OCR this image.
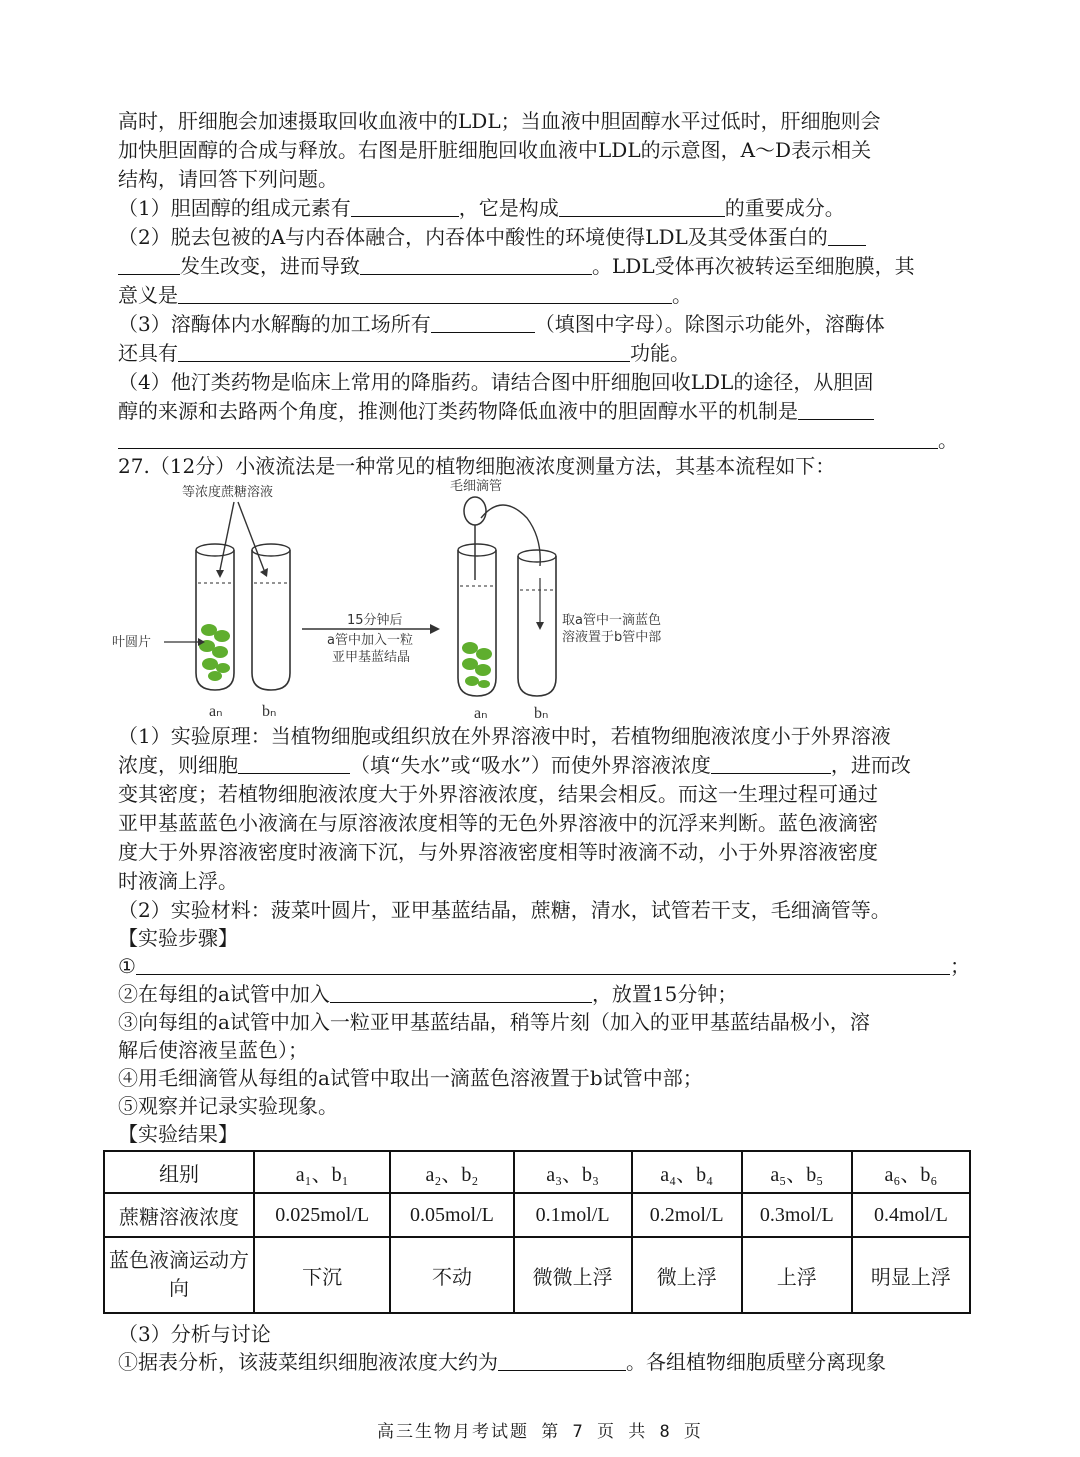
高时，肝细胞会加速摄取回收血液中的LDL；当血液中胆固醇水平过低时，肝细胞则会
加快胆固醇的合成与释放。右图是肝脏细胞回收血液中LDL的示意图，A～D表示相关
结构，请回答下列问题。
（1）胆固醇的组成元素有	，它是构成	的重要成分。
（2）脱去包被的A与内吞体融合，内吞体中酸性的环境使得LDL及其受体蛋白的
发生改变，进而导致	。LDL受体再次被转运至细胞膜，其
意义是	。
（3）溶酶体内水解酶的加工场所有	（填图中字母）。除图示功能外，溶酶体
还具有	功能。
（4）他汀类药物是临床上常用的降脂药。请结合图中肝细胞回收LDL的途径，从胆固
醇的来源和去路两个角度，推测他汀类药物降低血液中的胆固醇水平的机制是
。
27.（12分）小液流法是一种常见的植物细胞液浓度测量方法，其基本流程如下：
等浓度蔗糖溶液
叶圆片
15分钟后
a管中加入一粒
亚甲基蓝结晶
毛细滴管
取a管中一滴蓝色
溶液置于b管中部
aₙ bₙ	aₙ	bₙ
（1）实验原理：当植物细胞或组织放在外界溶液中时，若植物细胞液浓度小于外界溶液
浓度，则细胞	（填“失水”或“吸水”）而使外界溶液浓度	，进而改
变其密度；若植物细胞液浓度大于外界溶液浓度，结果会相反。而这一生理过程可通过
亚甲基蓝蓝色小液滴在与原溶液浓度相等的无色外界溶液中的沉浮来判断。蓝色液滴密
度大于外界溶液密度时液滴下沉，与外界溶液密度相等时液滴不动，小于外界溶液密度
时液滴上浮。
（2）实验材料：菠菜叶圆片，亚甲基蓝结晶，蔗糖，清水，试管若干支，毛细滴管等。
【实验步骤】
①	；
②在每组的a试管中加入	，放置15分钟；
③向每组的a试管中加入一粒亚甲基蓝结晶，稍等片刻（加入的亚甲基蓝结晶极小，溶
解后使溶液呈蓝色）；
④用毛细滴管从每组的a试管中取出一滴蓝色溶液置于b试管中部；
⑤观察并记录实验现象。
【实验结果】
组别	a₁、b₁	a₂、b₂	a₃、b₃	a₄、b₄	a₅、b₅	a₆、b₆
蔗糖溶液浓度	0.025mol/L	0.05mol/L	0.1mol/L	0.2mol/L	0.3mol/L	0.4mol/L
蓝色液滴运动方向	下沉	不动	微微上浮	微上浮	上浮	明显上浮
（3）分析与讨论
①据表分析，该菠菜组织细胞液浓度大约为	。各组植物细胞质壁分离现象
高三生物月考试题 第 7 页 共 8 页
